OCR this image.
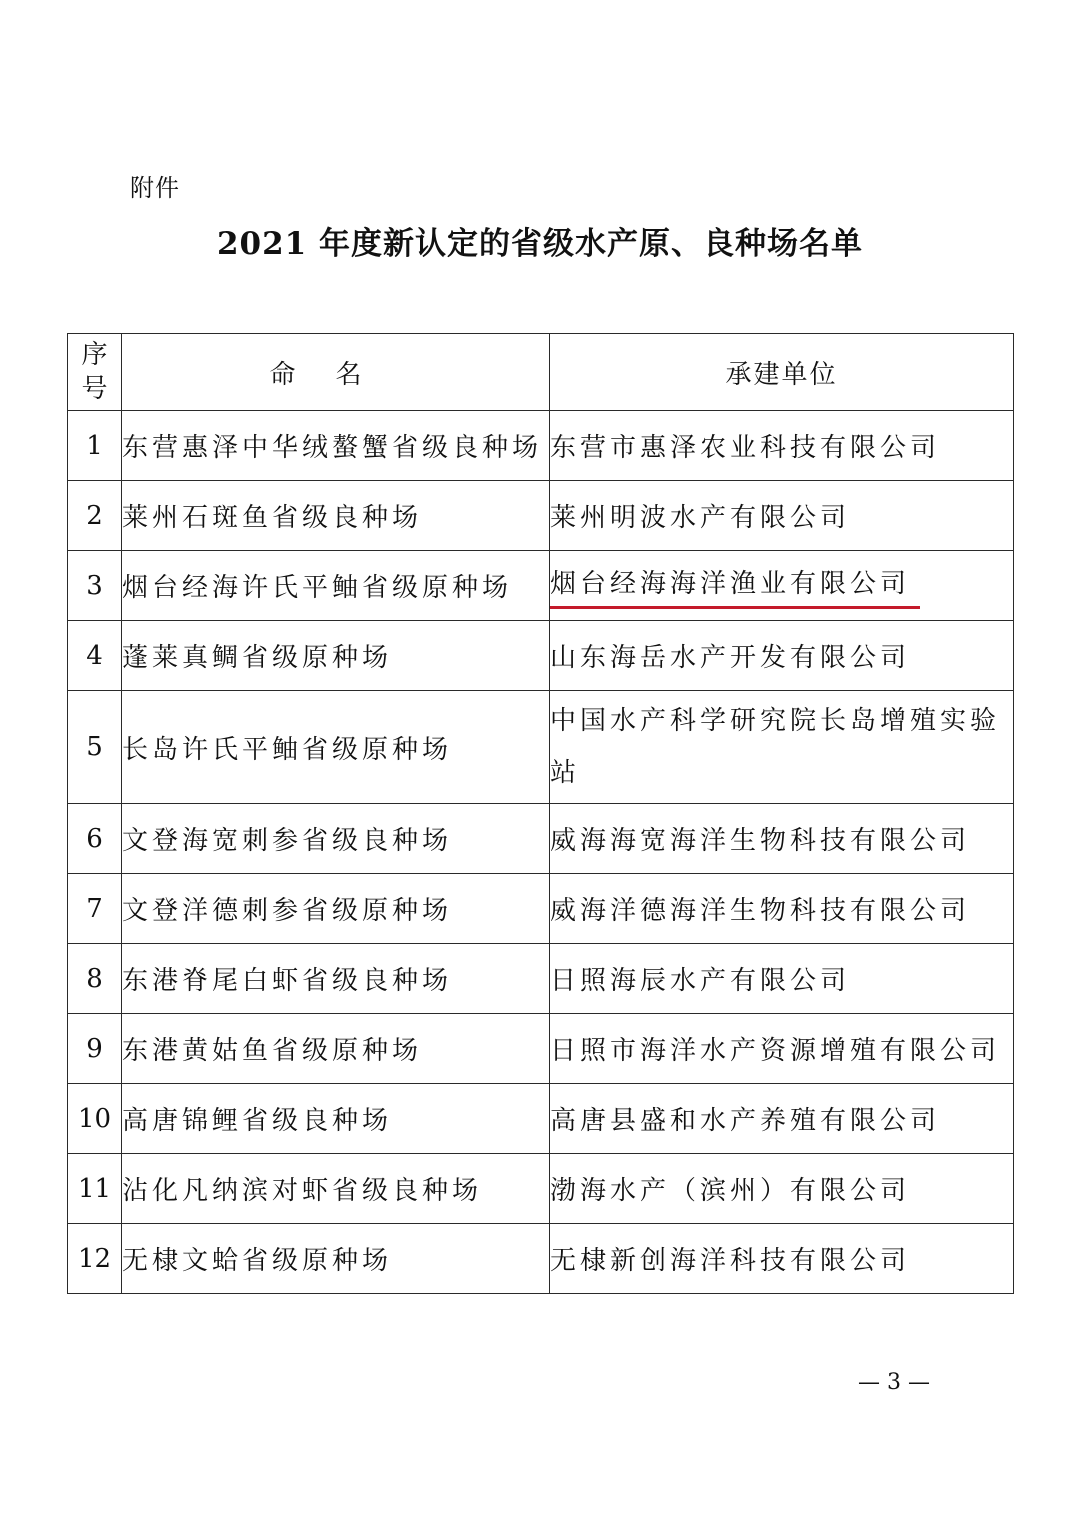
附件
2021 年度新认定的省级水产原、良种场名单
序
号	命名	承建单位
1	东营惠泽中华绒螯蟹省级良种场	东营市惠泽农业科技有限公司
2	莱州石斑鱼省级良种场	莱州明波水产有限公司
3	烟台经海许氏平鲉省级原种场	烟台经海海洋渔业有限公司
4	蓬莱真鲷省级原种场	山东海岳水产开发有限公司
5	长岛许氏平鲉省级原种场	中国水产科学研究院长岛增殖实验站
6	文登海宽刺参省级良种场	威海海宽海洋生物科技有限公司
7	文登洋德刺参省级原种场	威海洋德海洋生物科技有限公司
8	东港脊尾白虾省级良种场	日照海辰水产有限公司
9	东港黄姑鱼省级原种场	日照市海洋水产资源增殖有限公司
10	高唐锦鲤省级良种场	高唐县盛和水产养殖有限公司
11	沾化凡纳滨对虾省级良种场	渤海水产（滨州）有限公司
12	无棣文蛤省级原种场	无棣新创海洋科技有限公司
— 3 —
